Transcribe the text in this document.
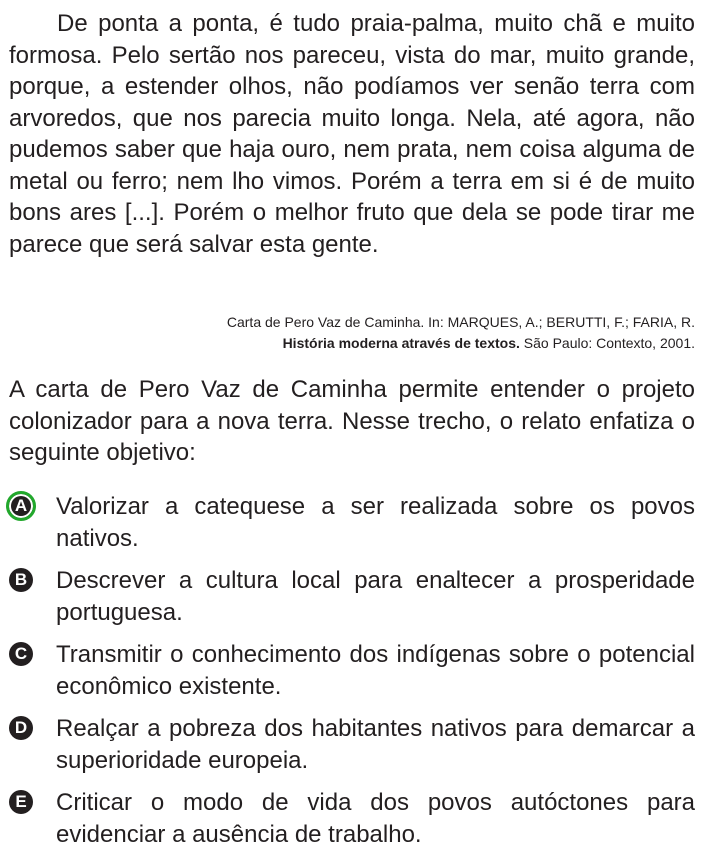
De ponta a ponta, é tudo praia-palma, muito chã e muito formosa. Pelo sertão nos pareceu, vista do mar, muito grande, porque, a estender olhos, não podíamos ver senão terra com arvoredos, que nos parecia muito longa. Nela, até agora, não pudemos saber que haja ouro, nem prata, nem coisa alguma de metal ou ferro; nem lho vimos. Porém a terra em si é de muito bons ares [...]. Porém o melhor fruto que dela se pode tirar me parece que será salvar esta gente.

Carta de Pero Vaz de Caminha. In: MARQUES, A.; BERUTTI, F.; FARIA, R.
História moderna através de textos. São Paulo: Contexto, 2001.

A carta de Pero Vaz de Caminha permite entender o projeto colonizador para a nova terra. Nesse trecho, o relato enfatiza o seguinte objetivo:

A	Valorizar a catequese a ser realizada sobre os povos nativos.
B Descrever a cultura local para enaltecer a prosperidade portuguesa.
C Transmitir o conhecimento dos indígenas sobre o potencial econômico existente.
D Realçar a pobreza dos habitantes nativos para demarcar a superioridade europeia.
E Criticar o modo de vida dos povos autóctones para evidenciar a ausência de trabalho.
